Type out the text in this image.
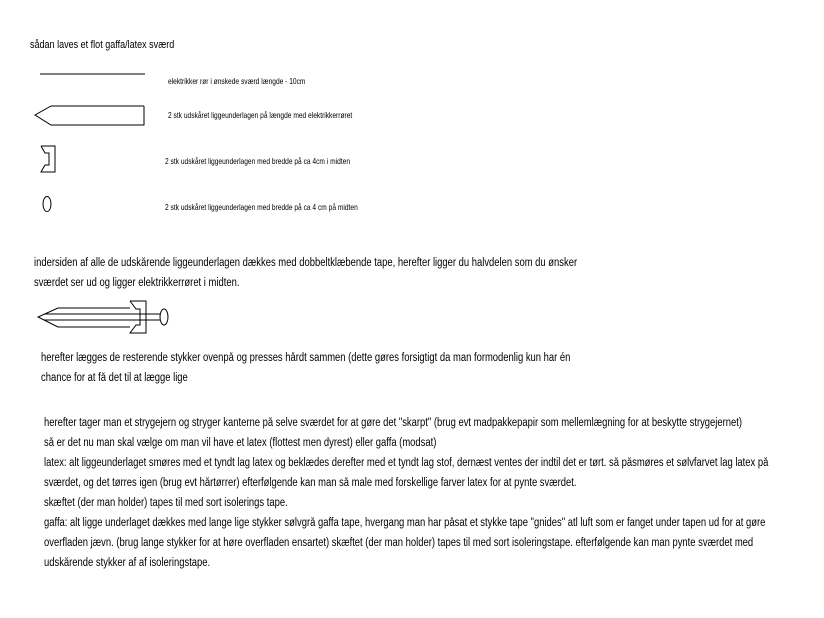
sådan laves et flot gaffa/latex sværd
elektrikker rør i ønskede sværd længde - 10cm
2 stk udskåret liggeunderlagen på længde med elektrikkerrøret
2 stk udskåret liggeunderlagen med bredde på ca 4cm i midten
2 stk udskåret liggeunderlagen med bredde på ca 4 cm på midten
indersiden af alle de udskårende liggeunderlagen dækkes med dobbeltklæbende tape, herefter ligger du halvdelen som du ønsker
sværdet ser ud og ligger elektrikkerrøret i midten.
herefter lægges de resterende stykker ovenpå og presses hårdt sammen (dette gøres forsigtigt da man formodenlig kun har én
chance for at få det til at lægge lige
herefter tager man et strygejern og stryger kanterne på selve sværdet for at gøre det "skarpt" (brug evt madpakkepapir som mellemlægning for at beskytte strygejernet)
så er det nu man skal vælge om man vil have et latex (flottest men dyrest) eller gaffa (modsat)
latex: alt liggeunderlaget smøres med et tyndt lag latex og beklædes derefter med et tyndt lag stof, dernæst ventes der indtil det er tørt. så påsmøres et sølvfarvet lag latex på
sværdet, og det tørres igen (brug evt hårtørrer) efterfølgende kan man så male med forskellige farver latex for at pynte sværdet.
skæftet (der man holder) tapes til med sort isolerings tape.
gaffa: alt ligge underlaget dækkes med lange lige stykker sølvgrå gaffa tape, hvergang man har påsat et stykke tape "gnides" atl luft som er fanget under tapen ud for at gøre
overfladen jævn. (brug lange stykker for at høre overfladen ensartet) skæftet (der man holder) tapes til med sort isoleringstape. efterfølgende kan man pynte sværdet med
udskårende stykker af af isoleringstape.
